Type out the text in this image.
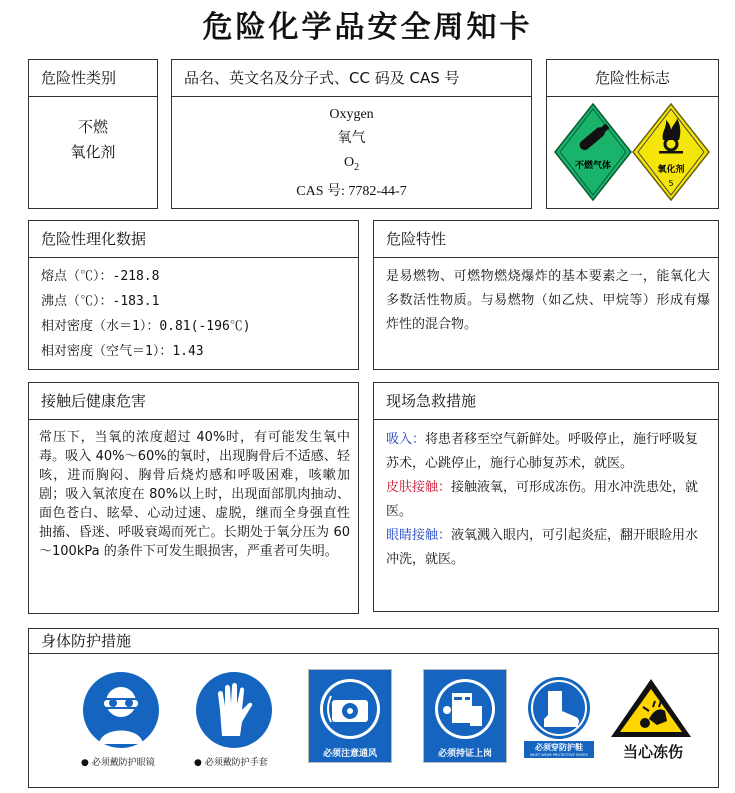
危险化学品安全周知卡
危险性类别
不燃
氧化剂
品名、英文名及分子式、CC 码及 CAS 号
Oxygen
氧气
$O_2$
CAS 号: 7782-44-7
危险性标志
不燃气体	氧化剂
5
危险性理化数据
熔点（℃）：-218.8
沸点（℃）：-183.1
相对密度（水＝1）：0.81(-196℃)
相对密度（空气＝1）：1.43
危险特性
是易燃物、可燃物燃烧爆炸的基本要素之一，能氧化大多数活性物质。与易燃物（如乙炔、甲烷等）形成有爆炸性的混合物。
接触后健康危害
常压下，当氧的浓度超过 40%时，有可能发生氧中毒。吸入 40%～60%的氧时，出现胸骨后不适感、轻咳，进而胸闷、胸骨后烧灼感和呼吸困难，咳嗽加剧；吸入氧浓度在 80%以上时，出现面部肌肉抽动、面色苍白、眩晕、心动过速、虚脱，继而全身强直性抽搐、昏迷、呼吸衰竭而死亡。长期处于氧分压为 60～100kPa 的条件下可发生眼损害，严重者可失明。
现场急救措施
吸入：将患者移至空气新鲜处。呼吸停止，施行呼吸复苏术，心跳停止，施行心肺复苏术，就医。
皮肤接触：接触液氧，可形成冻伤。用水冲洗患处，就医。
眼睛接触：液氧溅入眼内，可引起炎症，翻开眼睑用水冲洗，就医。
身体防护措施
● 必须戴防护眼镜	● 必须戴防护手套
必须注意通风	必须持证上岗
必须穿防护鞋
MUST WEAR PROTECTIVE SHOES	当心冻伤
